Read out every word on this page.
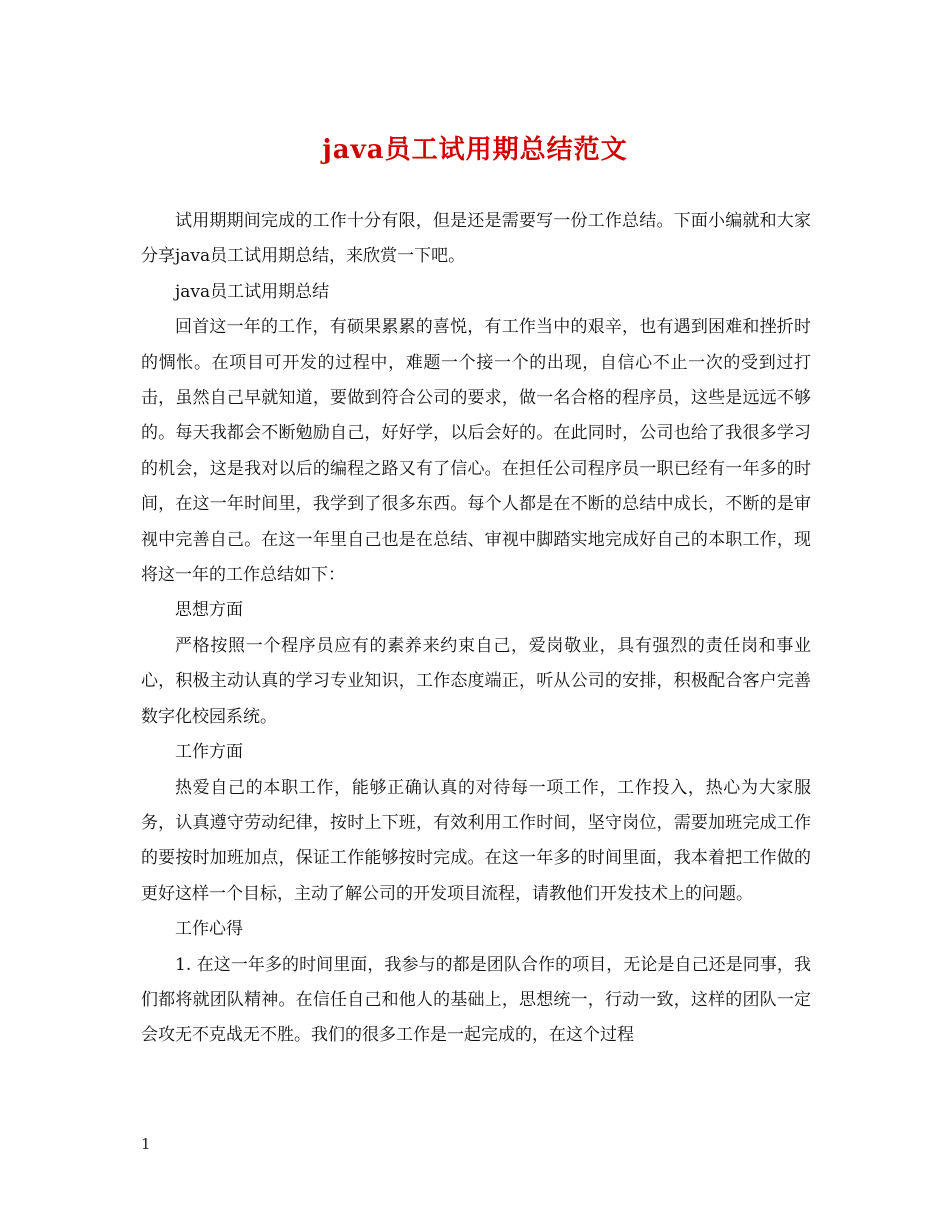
java员工试用期总结范文

试用期期间完成的工作十分有限，但是还是需要写一份工作总结。下面小编就和大家分享java员工试用期总结，来欣赏一下吧。

java员工试用期总结

回首这一年的工作，有硕果累累的喜悦，有工作当中的艰辛，也有遇到困难和挫折时的惆怅。在项目可开发的过程中，难题一个接一个的出现，自信心不止一次的受到过打击，虽然自己早就知道，要做到符合公司的要求，做一名合格的程序员，这些是远远不够的。每天我都会不断勉励自己，好好学，以后会好的。在此同时，公司也给了我很多学习的机会，这是我对以后的编程之路又有了信心。在担任公司程序员一职已经有一年多的时间，在这一年时间里，我学到了很多东西。每个人都是在不断的总结中成长，不断的是审视中完善自己。在这一年里自己也是在总结、审视中脚踏实地完成好自己的本职工作，现将这一年的工作总结如下：

思想方面

严格按照一个程序员应有的素养来约束自己，爱岗敬业，具有强烈的责任岗和事业心，积极主动认真的学习专业知识，工作态度端正，听从公司的安排，积极配合客户完善数字化校园系统。

工作方面

热爱自己的本职工作，能够正确认真的对待每一项工作，工作投入，热心为大家服务，认真遵守劳动纪律，按时上下班，有效利用工作时间，坚守岗位，需要加班完成工作的要按时加班加点，保证工作能够按时完成。在这一年多的时间里面，我本着把工作做的更好这样一个目标，主动了解公司的开发项目流程，请教他们开发技术上的问题。

工作心得

1. 在这一年多的时间里面，我参与的都是团队合作的项目，无论是自己还是同事，我们都将就团队精神。在信任自己和他人的基础上，思想统一，行动一致，这样的团队一定会攻无不克战无不胜。我们的很多工作是一起完成的，在这个过程

1
